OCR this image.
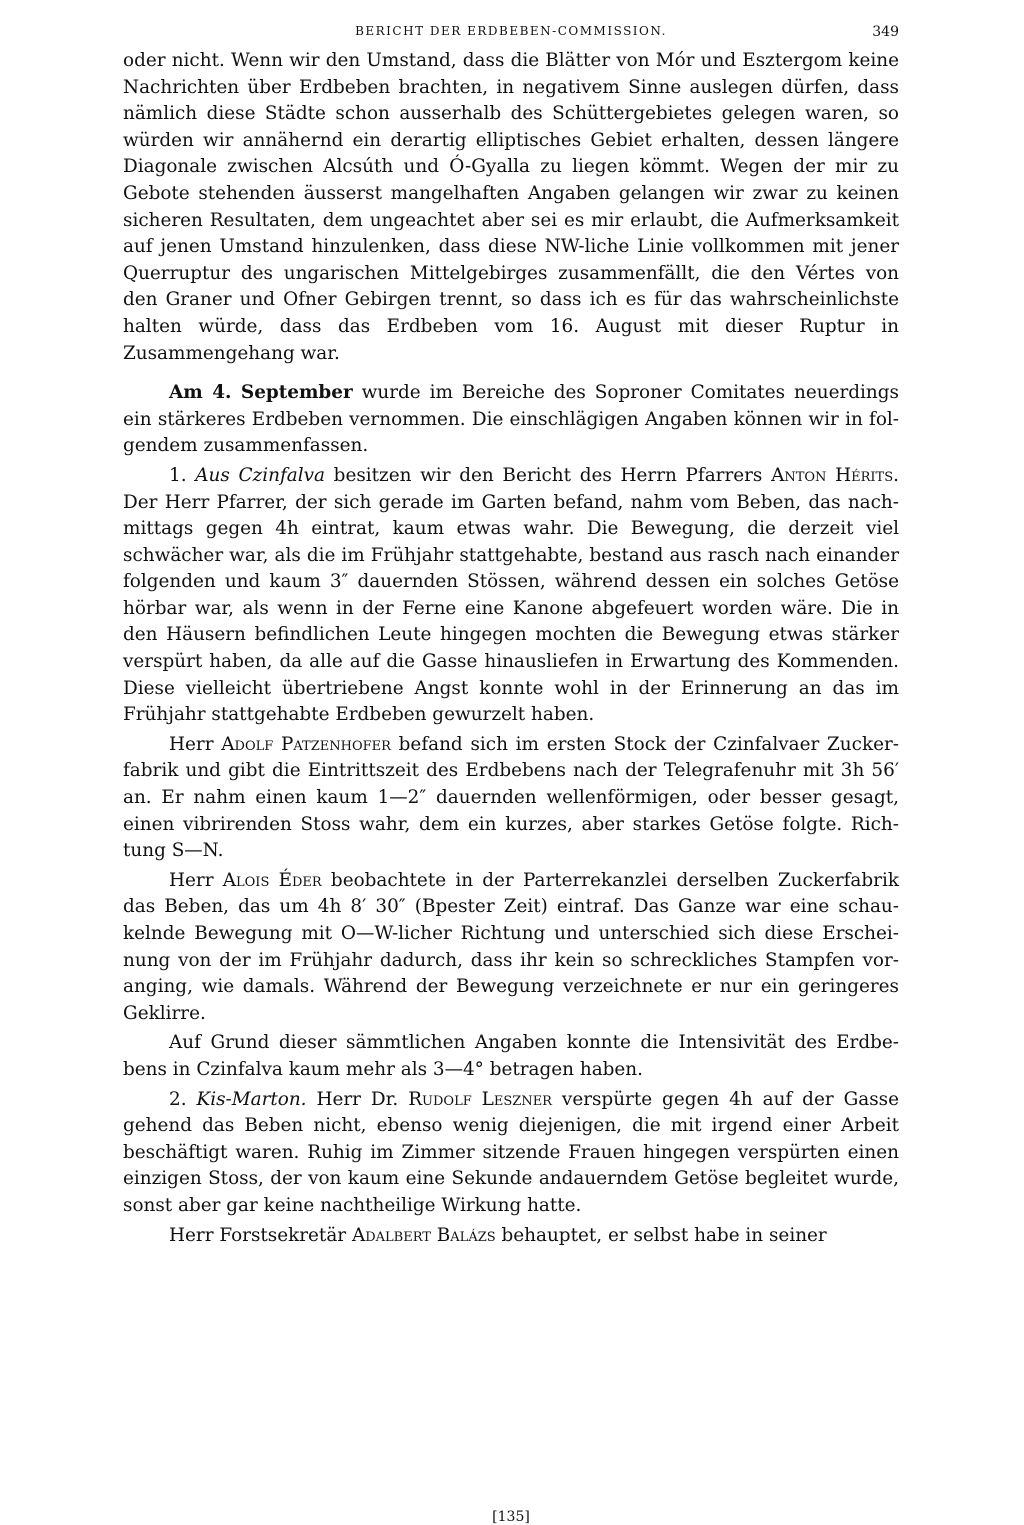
BERICHT DER ERDBEBEN-COMMISSION.	349

oder nicht. Wenn wir den Umstand, dass die Blätter von Mór und Esztergom keine Nachrichten über Erdbeben brachten, in negativem Sinne auslegen dürfen, dass nämlich diese Städte schon ausserhalb des Schüttergebietes gelegen waren, so würden wir annähernd ein derartig elliptisches Gebiet erhalten, dessen längere Diagonale zwischen Alcsúth und Ó-Gyalla zu liegen kömmt. Wegen der mir zu Gebote stehenden äusserst mangelhaften Angaben gelangen wir zwar zu keinen sicheren Resultaten, dem ungeachtet aber sei es mir erlaubt, die Aufmerksamkeit auf jenen Umstand hinzulenken, dass diese NW-liche Linie vollkommen mit jener Querruptur des ungarischen Mittelgebirges zusammenfällt, die den Vértes von den Graner und Ofner Gebirgen trennt, so dass ich es für das wahrscheinlichste halten würde, dass das Erdbeben vom 16. August mit dieser Ruptur in Zusammengehang war.

Am 4. September wurde im Bereiche des Soproner Comitates neuerdings ein stärkeres Erdbeben vernommen. Die einschlägigen Angaben können wir in folgendem zusammenfassen.

1. Aus Czinfalva besitzen wir den Bericht des Herrn Pfarrers Anton Hérits. Der Herr Pfarrer, der sich gerade im Garten befand, nahm vom Beben, das nachmittags gegen 4h eintrat, kaum etwas wahr. Die Bewegung, die derzeit viel schwächer war, als die im Frühjahr stattgehabte, bestand aus rasch nach einander folgenden und kaum 3″ dauernden Stössen, während dessen ein solches Getöse hörbar war, als wenn in der Ferne eine Kanone abgefeuert worden wäre. Die in den Häusern befindlichen Leute hingegen mochten die Bewegung etwas stärker verspürt haben, da alle auf die Gasse hinausliefen in Erwartung des Kommenden. Diese vielleicht übertriebene Angst konnte wohl in der Erinnerung an das im Frühjahr stattgehabte Erdbeben gewurzelt haben.

Herr Adolf Patzenhofer befand sich im ersten Stock der Czinfalvaer Zuckerfabrik und gibt die Eintrittszeit des Erdbebens nach der Telegrafenuhr mit 3h 56′ an. Er nahm einen kaum 1—2″ dauernden wellenförmigen, oder besser gesagt, einen vibrirenden Stoss wahr, dem ein kurzes, aber starkes Getöse folgte. Richtung S—N.

Herr Alois Éder beobachtete in der Parterrekanzlei derselben Zuckerfabrik das Beben, das um 4h 8′ 30″ (Bpester Zeit) eintraf. Das Ganze war eine schaukelnde Bewegung mit O—W-licher Richtung und unterschied sich diese Erscheinung von der im Frühjahr dadurch, dass ihr kein so schreckliches Stampfen voranging, wie damals. Während der Bewegung verzeichnete er nur ein geringeres Geklirre.

Auf Grund dieser sämmtlichen Angaben konnte die Intensivität des Erdbebens in Czinfalva kaum mehr als 3—4° betragen haben.

2. Kis-Marton. Herr Dr. Rudolf Leszner verspürte gegen 4h auf der Gasse gehend das Beben nicht, ebenso wenig diejenigen, die mit irgend einer Arbeit beschäftigt waren. Ruhig im Zimmer sitzende Frauen hingegen verspürten einen einzigen Stoss, der von kaum eine Sekunde andauerndem Getöse begleitet wurde, sonst aber gar keine nachtheilige Wirkung hatte.

Herr Forstsekretär Adalbert Balázs behauptet, er selbst habe in seiner

[135]
